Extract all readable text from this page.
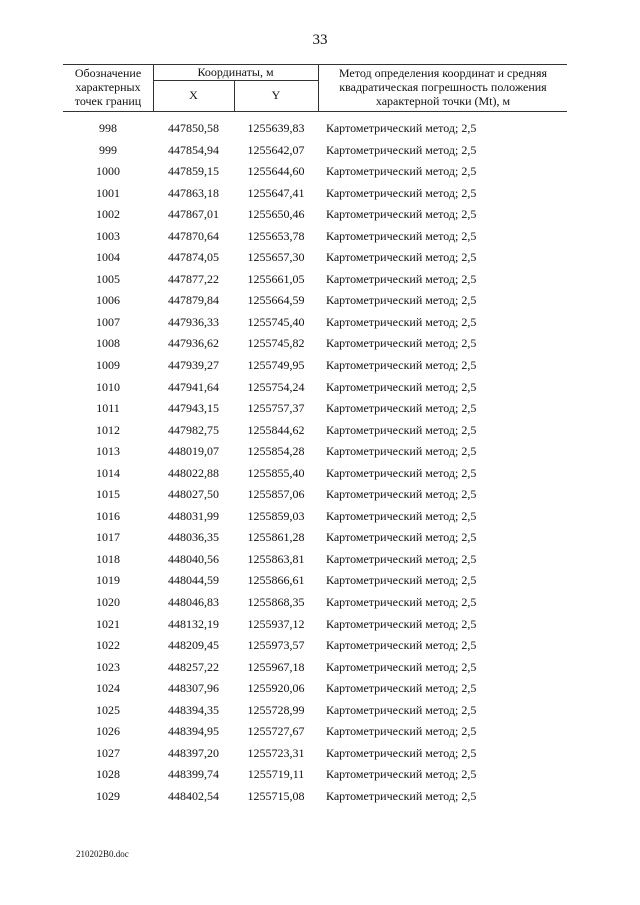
33
Обозначение
характерных
точек границ
Координаты, м
X	Y
Метод определения координат и средняя
квадратическая погрешность положения
характерной точки (Mt), м
998	447850,58	1255639,83	Картометрический метод; 2,5
999	447854,94	1255642,07	Картометрический метод; 2,5
1000	447859,15	1255644,60	Картометрический метод; 2,5
1001	447863,18	1255647,41	Картометрический метод; 2,5
1002	447867,01	1255650,46	Картометрический метод; 2,5
1003	447870,64	1255653,78	Картометрический метод; 2,5
1004	447874,05	1255657,30	Картометрический метод; 2,5
1005	447877,22	1255661,05	Картометрический метод; 2,5
1006	447879,84	1255664,59	Картометрический метод; 2,5
1007	447936,33	1255745,40	Картометрический метод; 2,5
1008	447936,62	1255745,82	Картометрический метод; 2,5
1009	447939,27	1255749,95	Картометрический метод; 2,5
1010	447941,64	1255754,24	Картометрический метод; 2,5
1011	447943,15	1255757,37	Картометрический метод; 2,5
1012	447982,75	1255844,62	Картометрический метод; 2,5
1013	448019,07	1255854,28	Картометрический метод; 2,5
1014	448022,88	1255855,40	Картометрический метод; 2,5
1015	448027,50	1255857,06	Картометрический метод; 2,5
1016	448031,99	1255859,03	Картометрический метод; 2,5
1017	448036,35	1255861,28	Картометрический метод; 2,5
1018	448040,56	1255863,81	Картометрический метод; 2,5
1019	448044,59	1255866,61	Картометрический метод; 2,5
1020	448046,83	1255868,35	Картометрический метод; 2,5
1021	448132,19	1255937,12	Картометрический метод; 2,5
1022	448209,45	1255973,57	Картометрический метод; 2,5
1023	448257,22	1255967,18	Картометрический метод; 2,5
1024	448307,96	1255920,06	Картометрический метод; 2,5
1025	448394,35	1255728,99	Картометрический метод; 2,5
1026	448394,95	1255727,67	Картометрический метод; 2,5
1027	448397,20	1255723,31	Картометрический метод; 2,5
1028	448399,74	1255719,11	Картометрический метод; 2,5
1029	448402,54	1255715,08	Картометрический метод; 2,5
210202B0.doc
